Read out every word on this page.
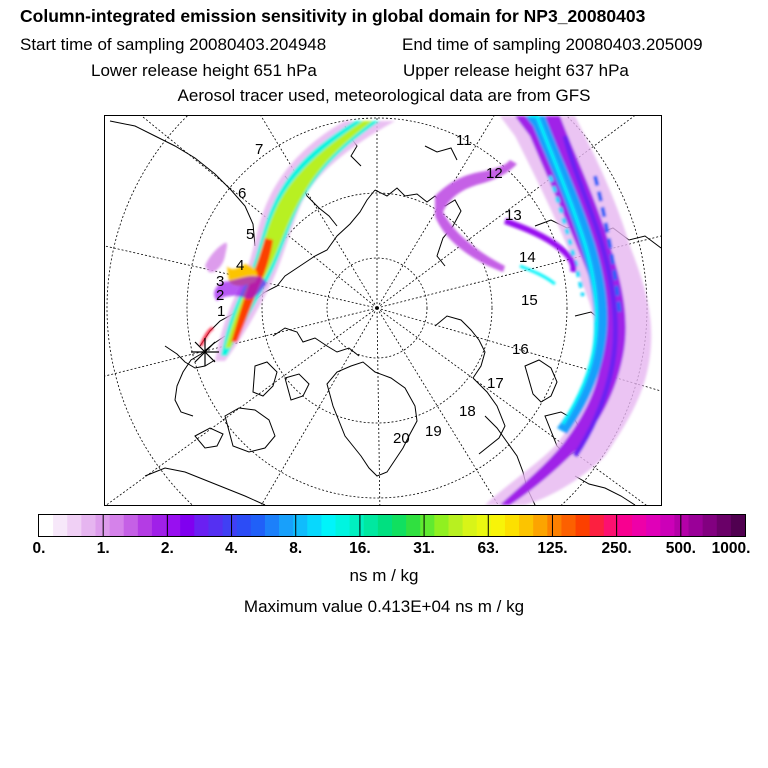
Column-integrated emission sensitivity in global domain for NP3_20080403
Start time of sampling 20080403.204948	End time of sampling 20080403.205009
Lower release height 651 hPa	Upper release height 637 hPa
Aerosol tracer used, meteorological data are from GFS
1
2
3
4
5
6
7
11
12
13
14
15
16
17
18
19
20
0.	1.	2.	4.	8.	16.	31.	63. 125. 250. 500. 1000.
ns m / kg
Maximum value 0.413E+04 ns m / kg
